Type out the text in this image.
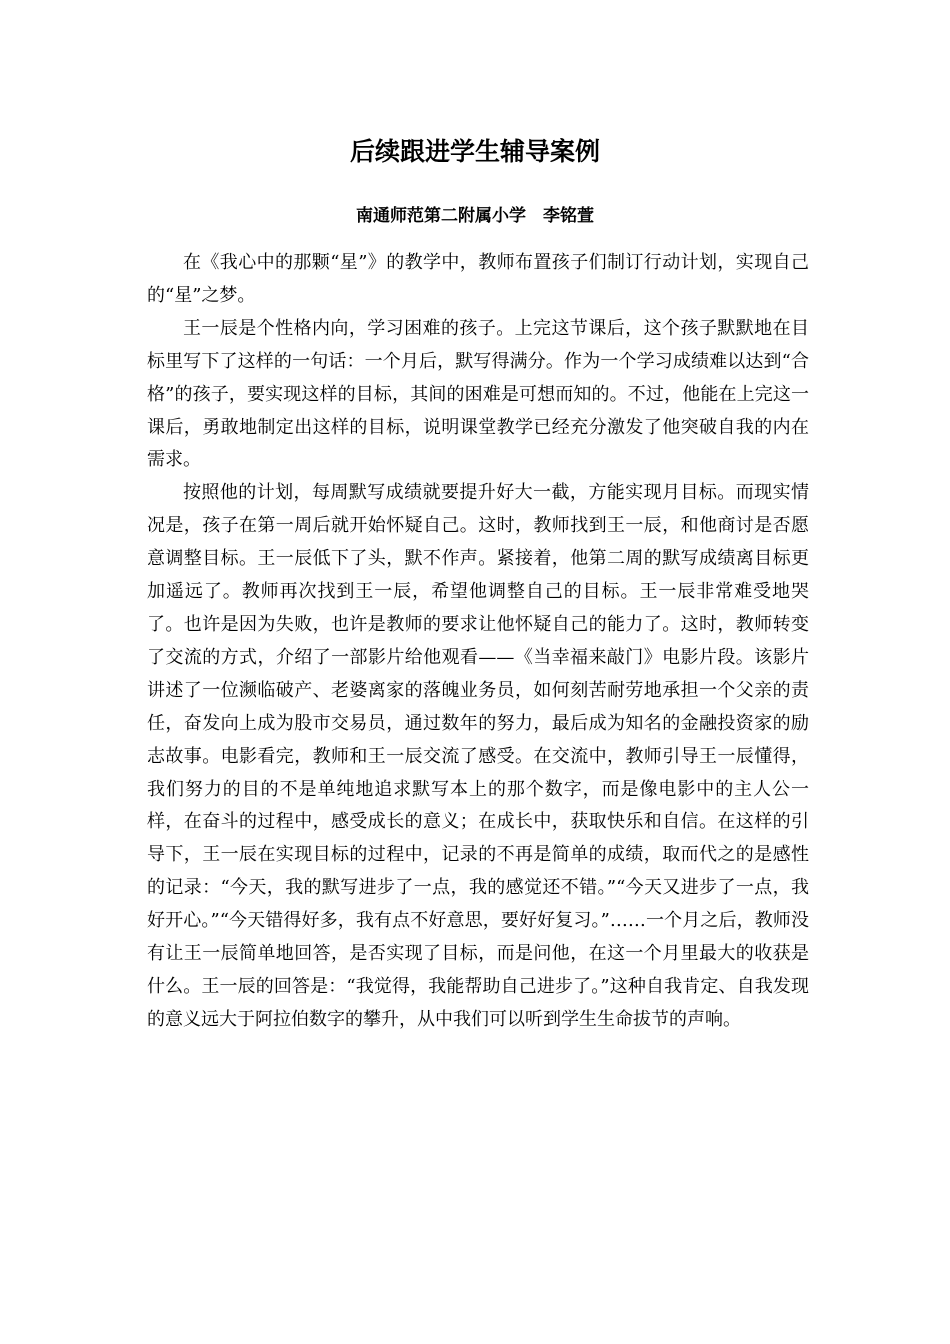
后续跟进学生辅导案例
南通师范第二附属小学　李铭萱

在《我心中的那颗“星”》的教学中，教师布置孩子们制订行动计划，实现自己的“星”之梦。

王一辰是个性格内向，学习困难的孩子。上完这节课后，这个孩子默默地在目标里写下了这样的一句话：一个月后，默写得满分。作为一个学习成绩难以达到“合格”的孩子，要实现这样的目标，其间的困难是可想而知的。不过，他能在上完这一课后，勇敢地制定出这样的目标，说明课堂教学已经充分激发了他突破自我的内在需求。

按照他的计划，每周默写成绩就要提升好大一截，方能实现月目标。而现实情况是，孩子在第一周后就开始怀疑自己。这时，教师找到王一辰，和他商讨是否愿意调整目标。王一辰低下了头，默不作声。紧接着，他第二周的默写成绩离目标更加遥远了。教师再次找到王一辰，希望他调整自己的目标。王一辰非常难受地哭了。也许是因为失败，也许是教师的要求让他怀疑自己的能力了。这时，教师转变了交流的方式，介绍了一部影片给他观看——《当幸福来敲门》电影片段。该影片讲述了一位濒临破产、老婆离家的落魄业务员，如何刻苦耐劳地承担一个父亲的责任，奋发向上成为股市交易员，通过数年的努力，最后成为知名的金融投资家的励志故事。电影看完，教师和王一辰交流了感受。在交流中，教师引导王一辰懂得，我们努力的目的不是单纯地追求默写本上的那个数字，而是像电影中的主人公一样，在奋斗的过程中，感受成长的意义；在成长中，获取快乐和自信。在这样的引导下，王一辰在实现目标的过程中，记录的不再是简单的成绩，取而代之的是感性的记录：“今天，我的默写进步了一点，我的感觉还不错。”“今天又进步了一点，我好开心。”“今天错得好多，我有点不好意思，要好好复习。”……一个月之后，教师没有让王一辰简单地回答，是否实现了目标，而是问他，在这一个月里最大的收获是什么。王一辰的回答是：“我觉得，我能帮助自己进步了。”这种自我肯定、自我发现的意义远大于阿拉伯数字的攀升，从中我们可以听到学生生命拔节的声响。
